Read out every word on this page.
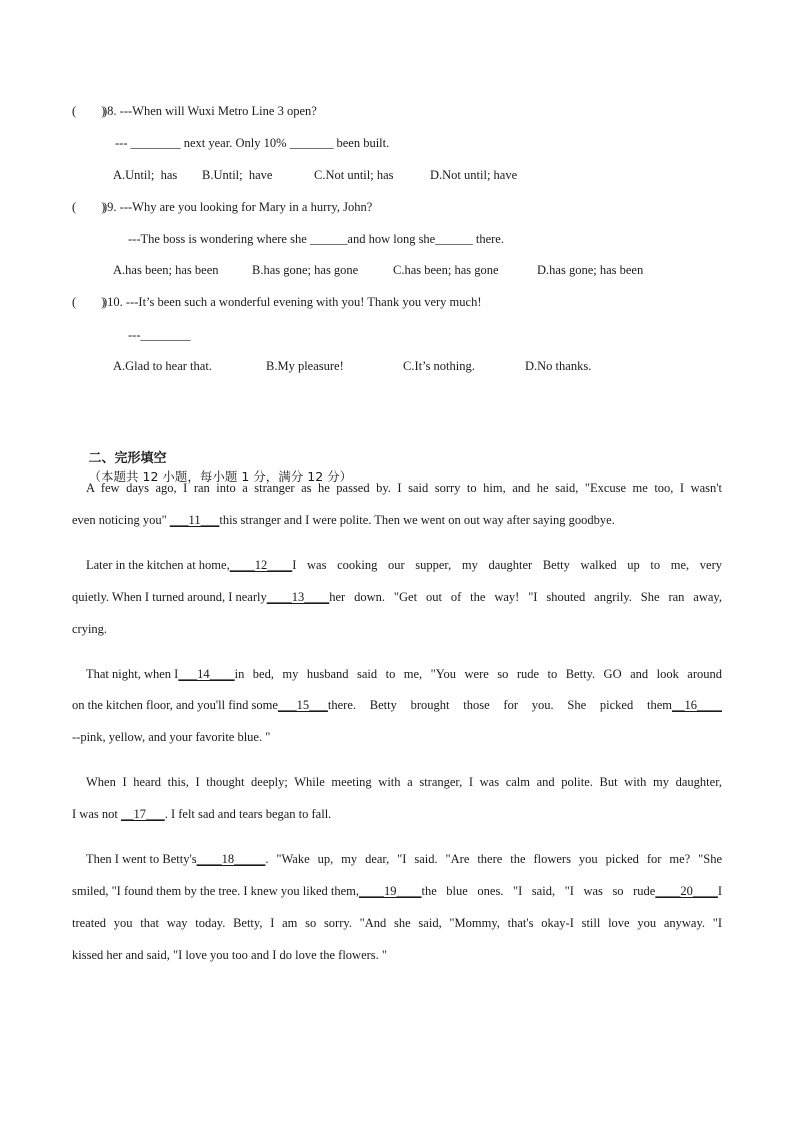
(        )
)8. ---When will Wuxi Metro Line 3 open?
--- ________ next year. Only 10% _______ been built.
A.Until;  has B.Until;  have	C.Not until; has	D.Not until; have
(        )
)9. ---Why are you looking for Mary in a hurry, John?
---The boss is wondering where she ______and how long she______ there.
A.has been; has been	B.has gone; has gone	C.has been; has gone	D.has gone; has been
(        )
)10. ---It’s been such a wonderful evening with you! Thank you very much!
---________
A.Glad to hear that.	B.My pleasure!	C.It’s nothing.	D.No thanks.

二、完形填空
（本题共 12 小题，每小题 1 分，满分 12 分）

A few days ago, I ran into a stranger as he passed by. I said sorry to him, and he said, "Excuse me too, I wasn't
even noticing you" ___11___this stranger and I were polite. Then we went on out way after saying goodbye.
Later in the kitchen at home, ____12____ I was cooking our supper, my daughter Betty walked up to me, very
quietly. When I turned around, I nearly ____13____ her down. "Get out of the way! "I shouted angrily. She ran away,
crying.
That night, when I ___14____ in bed, my husband said to me, "You were so rude to Betty. GO and look around
on the kitchen floor, and you'll find some ___15___ there. Betty brought those for you. She picked them __16____
--pink, yellow, and your favorite blue. "
When I heard this, I thought deeply; While meeting with a stranger, I was calm and polite. But with my daughter,
I was not __17___. I felt sad and tears began to fall.
Then I went to Betty's ____18_____ . "Wake up, my dear, "I said. "Are there the flowers you picked for me? "She
smiled, "I found them by the tree. I knew you liked them, ____19____ the blue ones. "I said, "I was so rude ____20____ I
treated you that way today. Betty, I am so sorry. "And she said, "Mommy, that's okay-I still love you anyway. "I
kissed her and said, "I love you too and I do love the flowers. "
